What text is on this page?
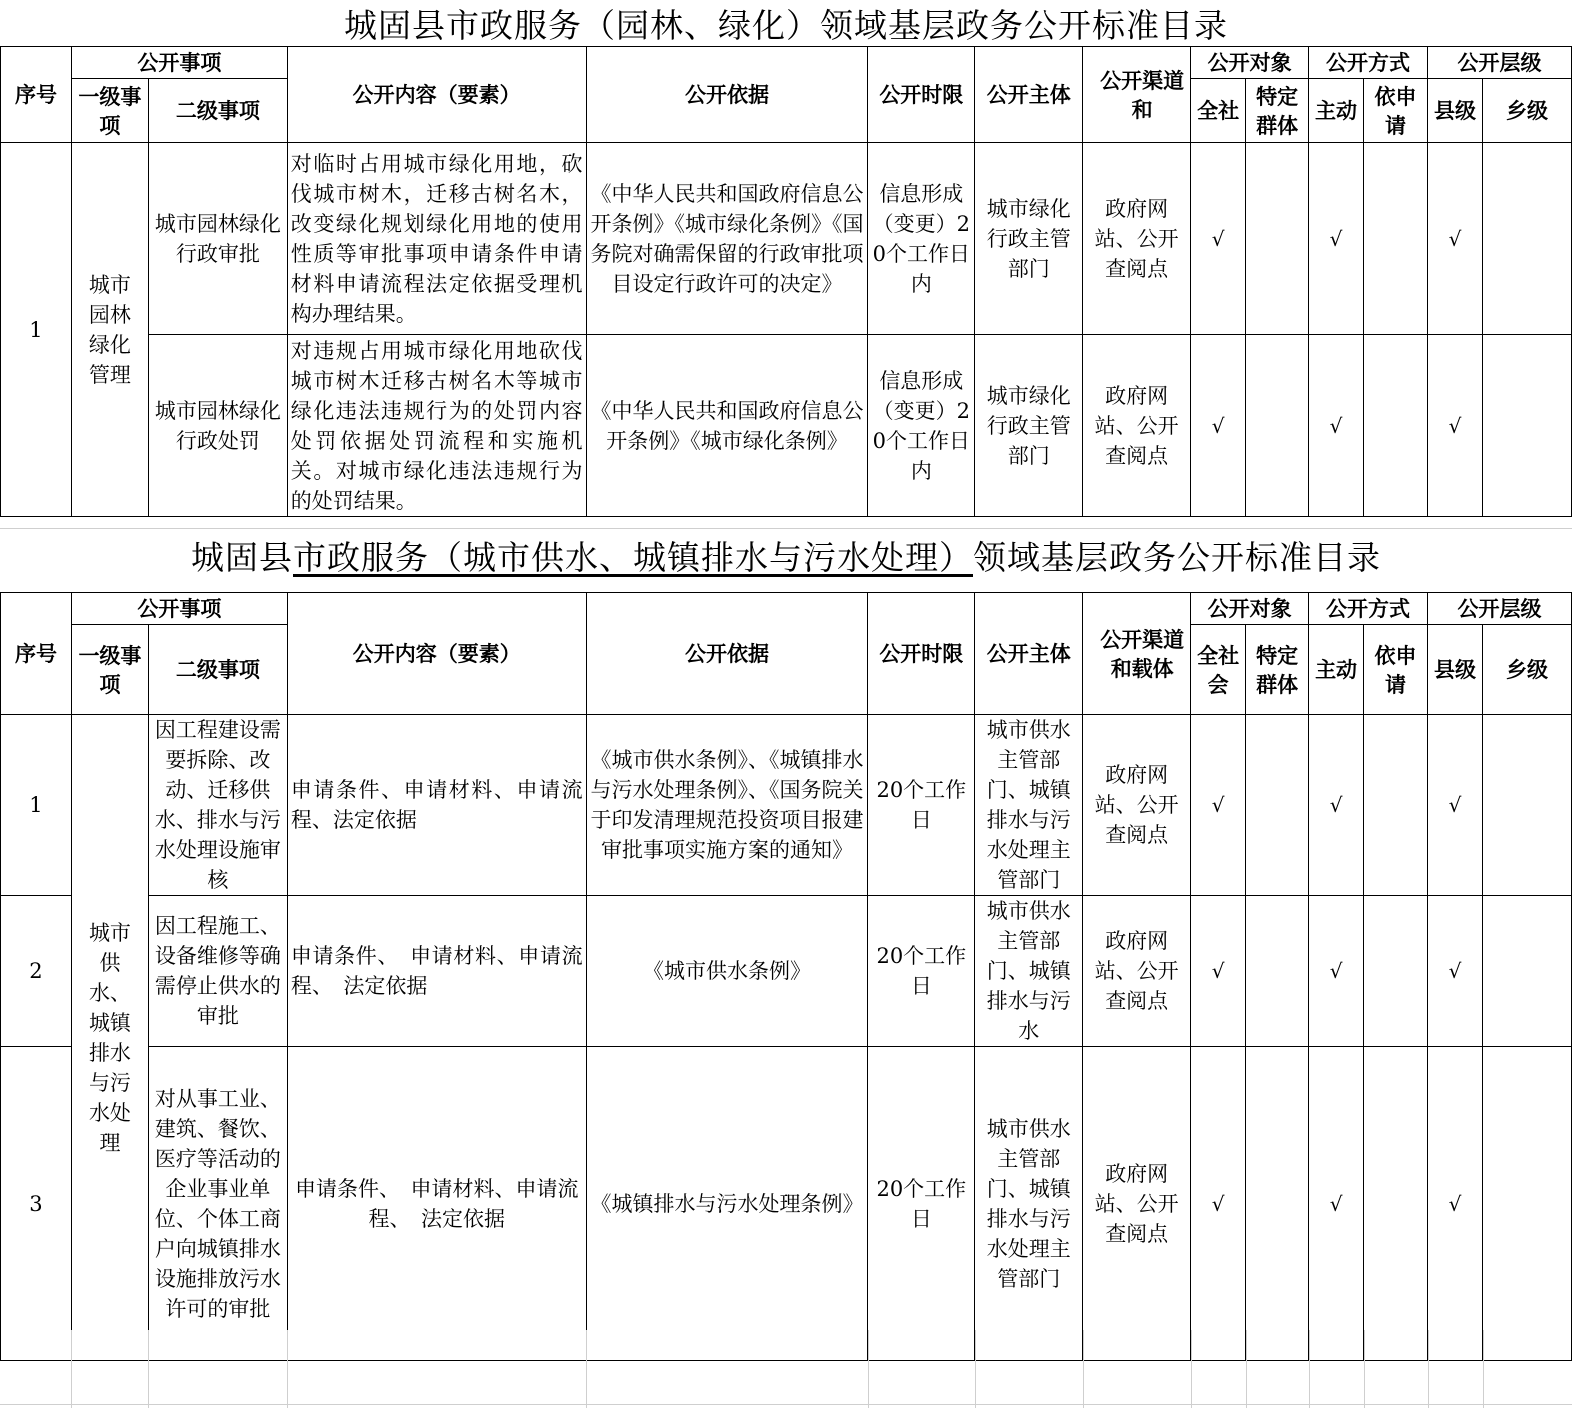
城固县市政服务（园林、绿化）领域基层政务公开标准目录
序号	公开事项		公开内容（要素）	公开依据	公开时限	公开主体	公开渠道和	公开对象		公开方式		公开层级	
	一级事项	二级事项						全社	特定群体	主动	依申请	县级	乡级
1	城市园林绿化管理	城市园林绿化行政审批	对临时占用城市绿化用地，砍伐城市树木，迁移古树名木，改变绿化规划绿化用地的使用性质等审批事项申请条件申请材料申请流程法定依据受理机构办理结果。	《中华人民共和国政府信息公开条例》《城市绿化条例》《国务院对确需保留的行政审批项目设定行政许可的决定》	信息形成（变更）20个工作日内	城市绿化行政主管部门	政府网站、公开查阅点	√		√		√	
		城市园林绿化行政处罚	对违规占用城市绿化用地砍伐城市树木迁移古树名木等城市绿化违法违规行为的处罚内容处罚依据处罚流程和实施机关。对城市绿化违法违规行为的处罚结果。	《中华人民共和国政府信息公开条例》《城市绿化条例》	信息形成（变更）20个工作日内	城市绿化行政主管部门	政府网站、公开查阅点	√		√		√	
城固县市政服务（城市供水、城镇排水与污水处理）领域基层政务公开标准目录
序号	公开事项		公开内容（要素）	公开依据	公开时限	公开主体	公开渠道和载体	公开对象		公开方式		公开层级	
	一级事项	二级事项						全社会	特定群体	主动	依申请	县级	乡级
1	城市供水、城镇排水与污水处理	因工程建设需要拆除、改动、迁移供水、排水与污水处理设施审核	申请条件、申请材料、申请流程、法定依据	《城市供水条例》、《城镇排水与污水处理条例》、《国务院关于印发清理规范投资项目报建审批事项实施方案的通知》	20个工作日	城市供水主管部门、城镇排水与污水处理主管部门	政府网站、公开查阅点	√		√		√	
2		因工程施工、设备维修等确需停止供水的审批	申请条件、　申请材料、申请流程、　法定依据	《城市供水条例》	20个工作日	城市供水主管部门、城镇排水与污水	政府网站、公开查阅点	√		√		√	
3		对从事工业、建筑、餐饮、医疗等活动的企业事业单位、个体工商户向城镇排水设施排放污水许可的审批	申请条件、　申请材料、申请流程、　法定依据	《城镇排水与污水处理条例》	20个工作日	城市供水主管部门、城镇排水与污水处理主管部门	政府网站、公开查阅点	√		√		√	
